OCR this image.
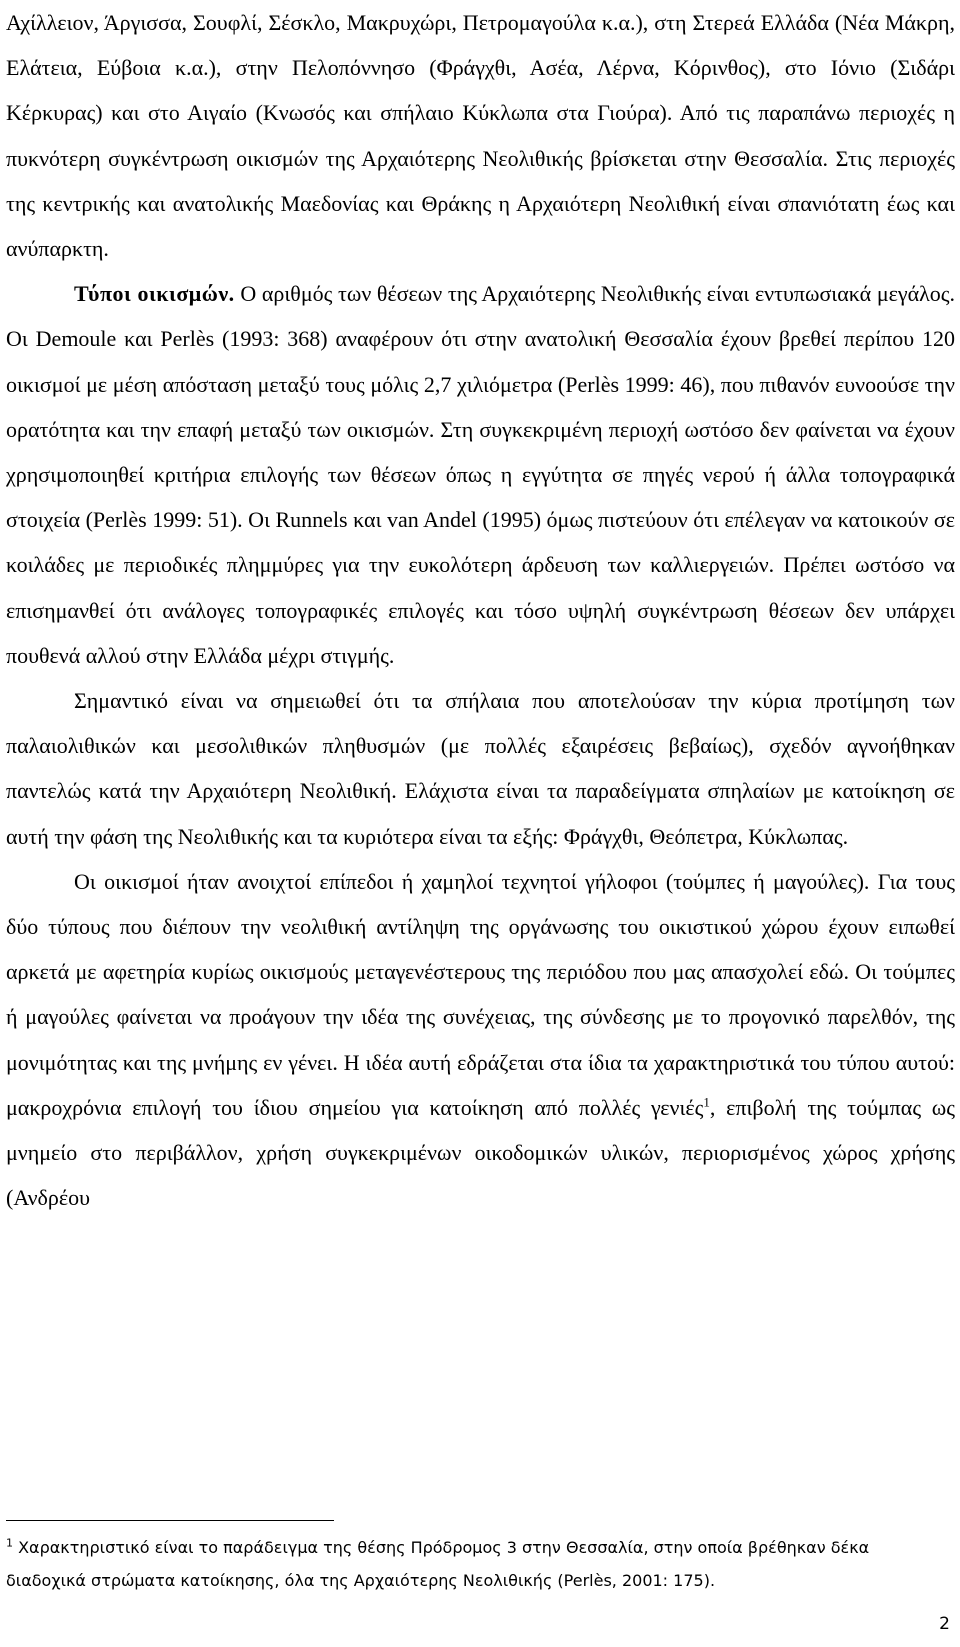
Αχίλλειον, Άργισσα, Σουφλί, Σέσκλο, Μακρυχώρι, Πετρομαγούλα κ.α.), στη Στερεά Ελλάδα (Νέα Μάκρη, Ελάτεια, Εύβοια κ.α.), στην Πελοπόννησο (Φράγχθι, Ασέα, Λέρνα, Κόρινθος), στο Ιόνιο (Σιδάρι Κέρκυρας) και στο Αιγαίο (Κνωσός και σπήλαιο Κύκλωπα στα Γιούρα). Από τις παραπάνω περιοχές η πυκνότερη συγκέντρωση οικισμών της Αρχαιότερης Νεολιθικής βρίσκεται στην Θεσσαλία. Στις περιοχές της κεντρικής και ανατολικής Μαεδονίας και Θράκης η Αρχαιότερη Νεολιθική είναι σπανιότατη έως και ανύπαρκτη.

Τύποι οικισμών. Ο αριθμός των θέσεων της Αρχαιότερης Νεολιθικής είναι εντυπωσιακά μεγάλος. Οι Demoule και Perlès (1993: 368) αναφέρουν ότι στην ανατολική Θεσσαλία έχουν βρεθεί περίπου 120 οικισμοί με μέση απόσταση μεταξύ τους μόλις 2,7 χιλιόμετρα (Perlès 1999: 46), που πιθανόν ευνοούσε την ορατότητα και την επαφή μεταξύ των οικισμών. Στη συγκεκριμένη περιοχή ωστόσο δεν φαίνεται να έχουν χρησιμοποιηθεί κριτήρια επιλογής των θέσεων όπως η εγγύτητα σε πηγές νερού ή άλλα τοπογραφικά στοιχεία (Perlès 1999: 51). Οι Runnels και van Andel (1995) όμως πιστεύουν ότι επέλεγαν να κατοικούν σε κοιλάδες με περιοδικές πλημμύρες για την ευκολότερη άρδευση των καλλιεργειών. Πρέπει ωστόσο να επισημανθεί ότι ανάλογες τοπογραφικές επιλογές και τόσο υψηλή συγκέντρωση θέσεων δεν υπάρχει πουθενά αλλού στην Ελλάδα μέχρι στιγμής.

Σημαντικό είναι να σημειωθεί ότι τα σπήλαια που αποτελούσαν την κύρια προτίμηση των παλαιολιθικών και μεσολιθικών πληθυσμών (με πολλές εξαιρέσεις βεβαίως), σχεδόν αγνοήθηκαν παντελώς κατά την Αρχαιότερη Νεολιθική. Ελάχιστα είναι τα παραδείγματα σπηλαίων με κατοίκηση σε αυτή την φάση της Νεολιθικής και τα κυριότερα είναι τα εξής: Φράγχθι, Θεόπετρα, Κύκλωπας.

Οι οικισμοί ήταν ανοιχτοί επίπεδοι ή χαμηλοί τεχνητοί γήλοφοι (τούμπες ή μαγούλες). Για τους δύο τύπους που διέπουν την νεολιθική αντίληψη της οργάνωσης του οικιστικού χώρου έχουν ειπωθεί αρκετά με αφετηρία κυρίως οικισμούς μεταγενέστερους της περιόδου που μας απασχολεί εδώ. Οι τούμπες ή μαγούλες φαίνεται να προάγουν την ιδέα της συνέχειας, της σύνδεσης με το προγονικό παρελθόν, της μονιμότητας και της μνήμης εν γένει. Η ιδέα αυτή εδράζεται στα ίδια τα χαρακτηριστικά του τύπου αυτού: μακροχρόνια επιλογή του ίδιου σημείου για κατοίκηση από πολλές γενιές$^1$, επιβολή της τούμπας ως μνημείο στο περιβάλλον, χρήση συγκεκριμένων οικοδομικών υλικών, περιορισμένος χώρος χρήσης (Ανδρέου

$^1$ Χαρακτηριστικό είναι το παράδειγμα της θέσης Πρόδρομος 3 στην Θεσσαλία, στην οποία βρέθηκαν δέκα διαδοχικά στρώματα κατοίκησης, όλα της Αρχαιότερης Νεολιθικής (Perlès, 2001: 175).

2
